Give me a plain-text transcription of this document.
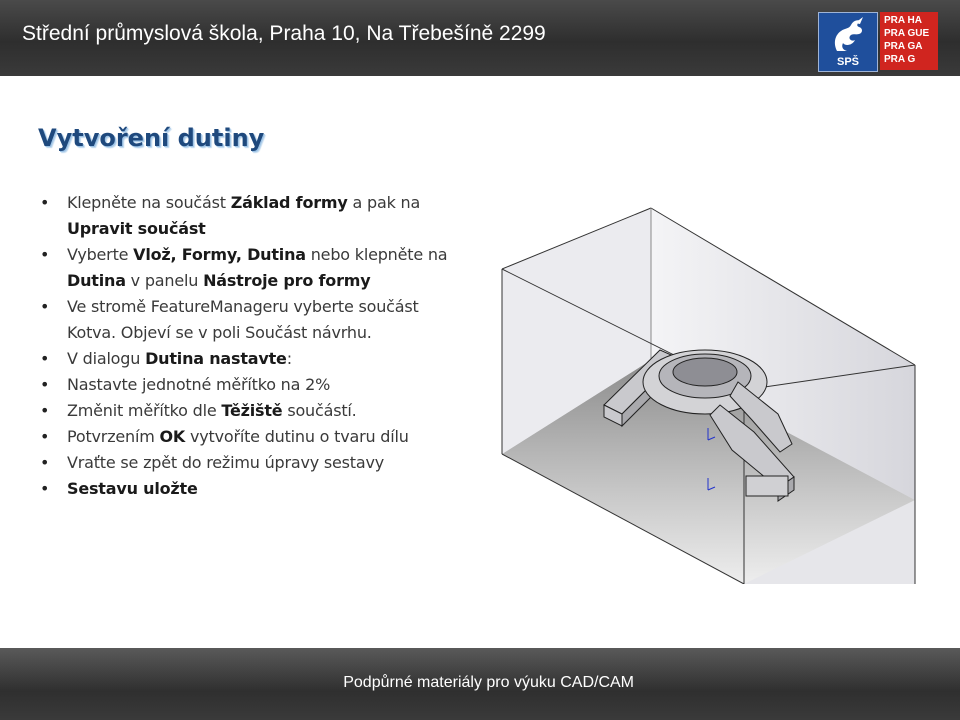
Střední průmyslová škola, Praha 10, Na Třebešíně 2299
SPŠ
PRA HA
PRA GUE
PRA GA
PRA G
Vytvoření dutiny
• Klepněte na součást Základ formy a pak na
Upravit součást
• Vyberte Vlož, Formy, Dutina nebo klepněte na
Dutina v panelu Nástroje pro formy
• Ve stromě FeatureManageru vyberte součást
Kotva. Objeví se v poli Součást návrhu.
• V dialogu Dutina nastavte:
• Nastavte jednotné měřítko na 2%
• Změnit měřítko dle Těžiště součástí.
• Potvrzením OK vytvoříte dutinu o tvaru dílu
• Vraťte se zpět do režimu úpravy sestavy
• Sestavu uložte
Podpůrné materiály pro výuku CAD/CAM
